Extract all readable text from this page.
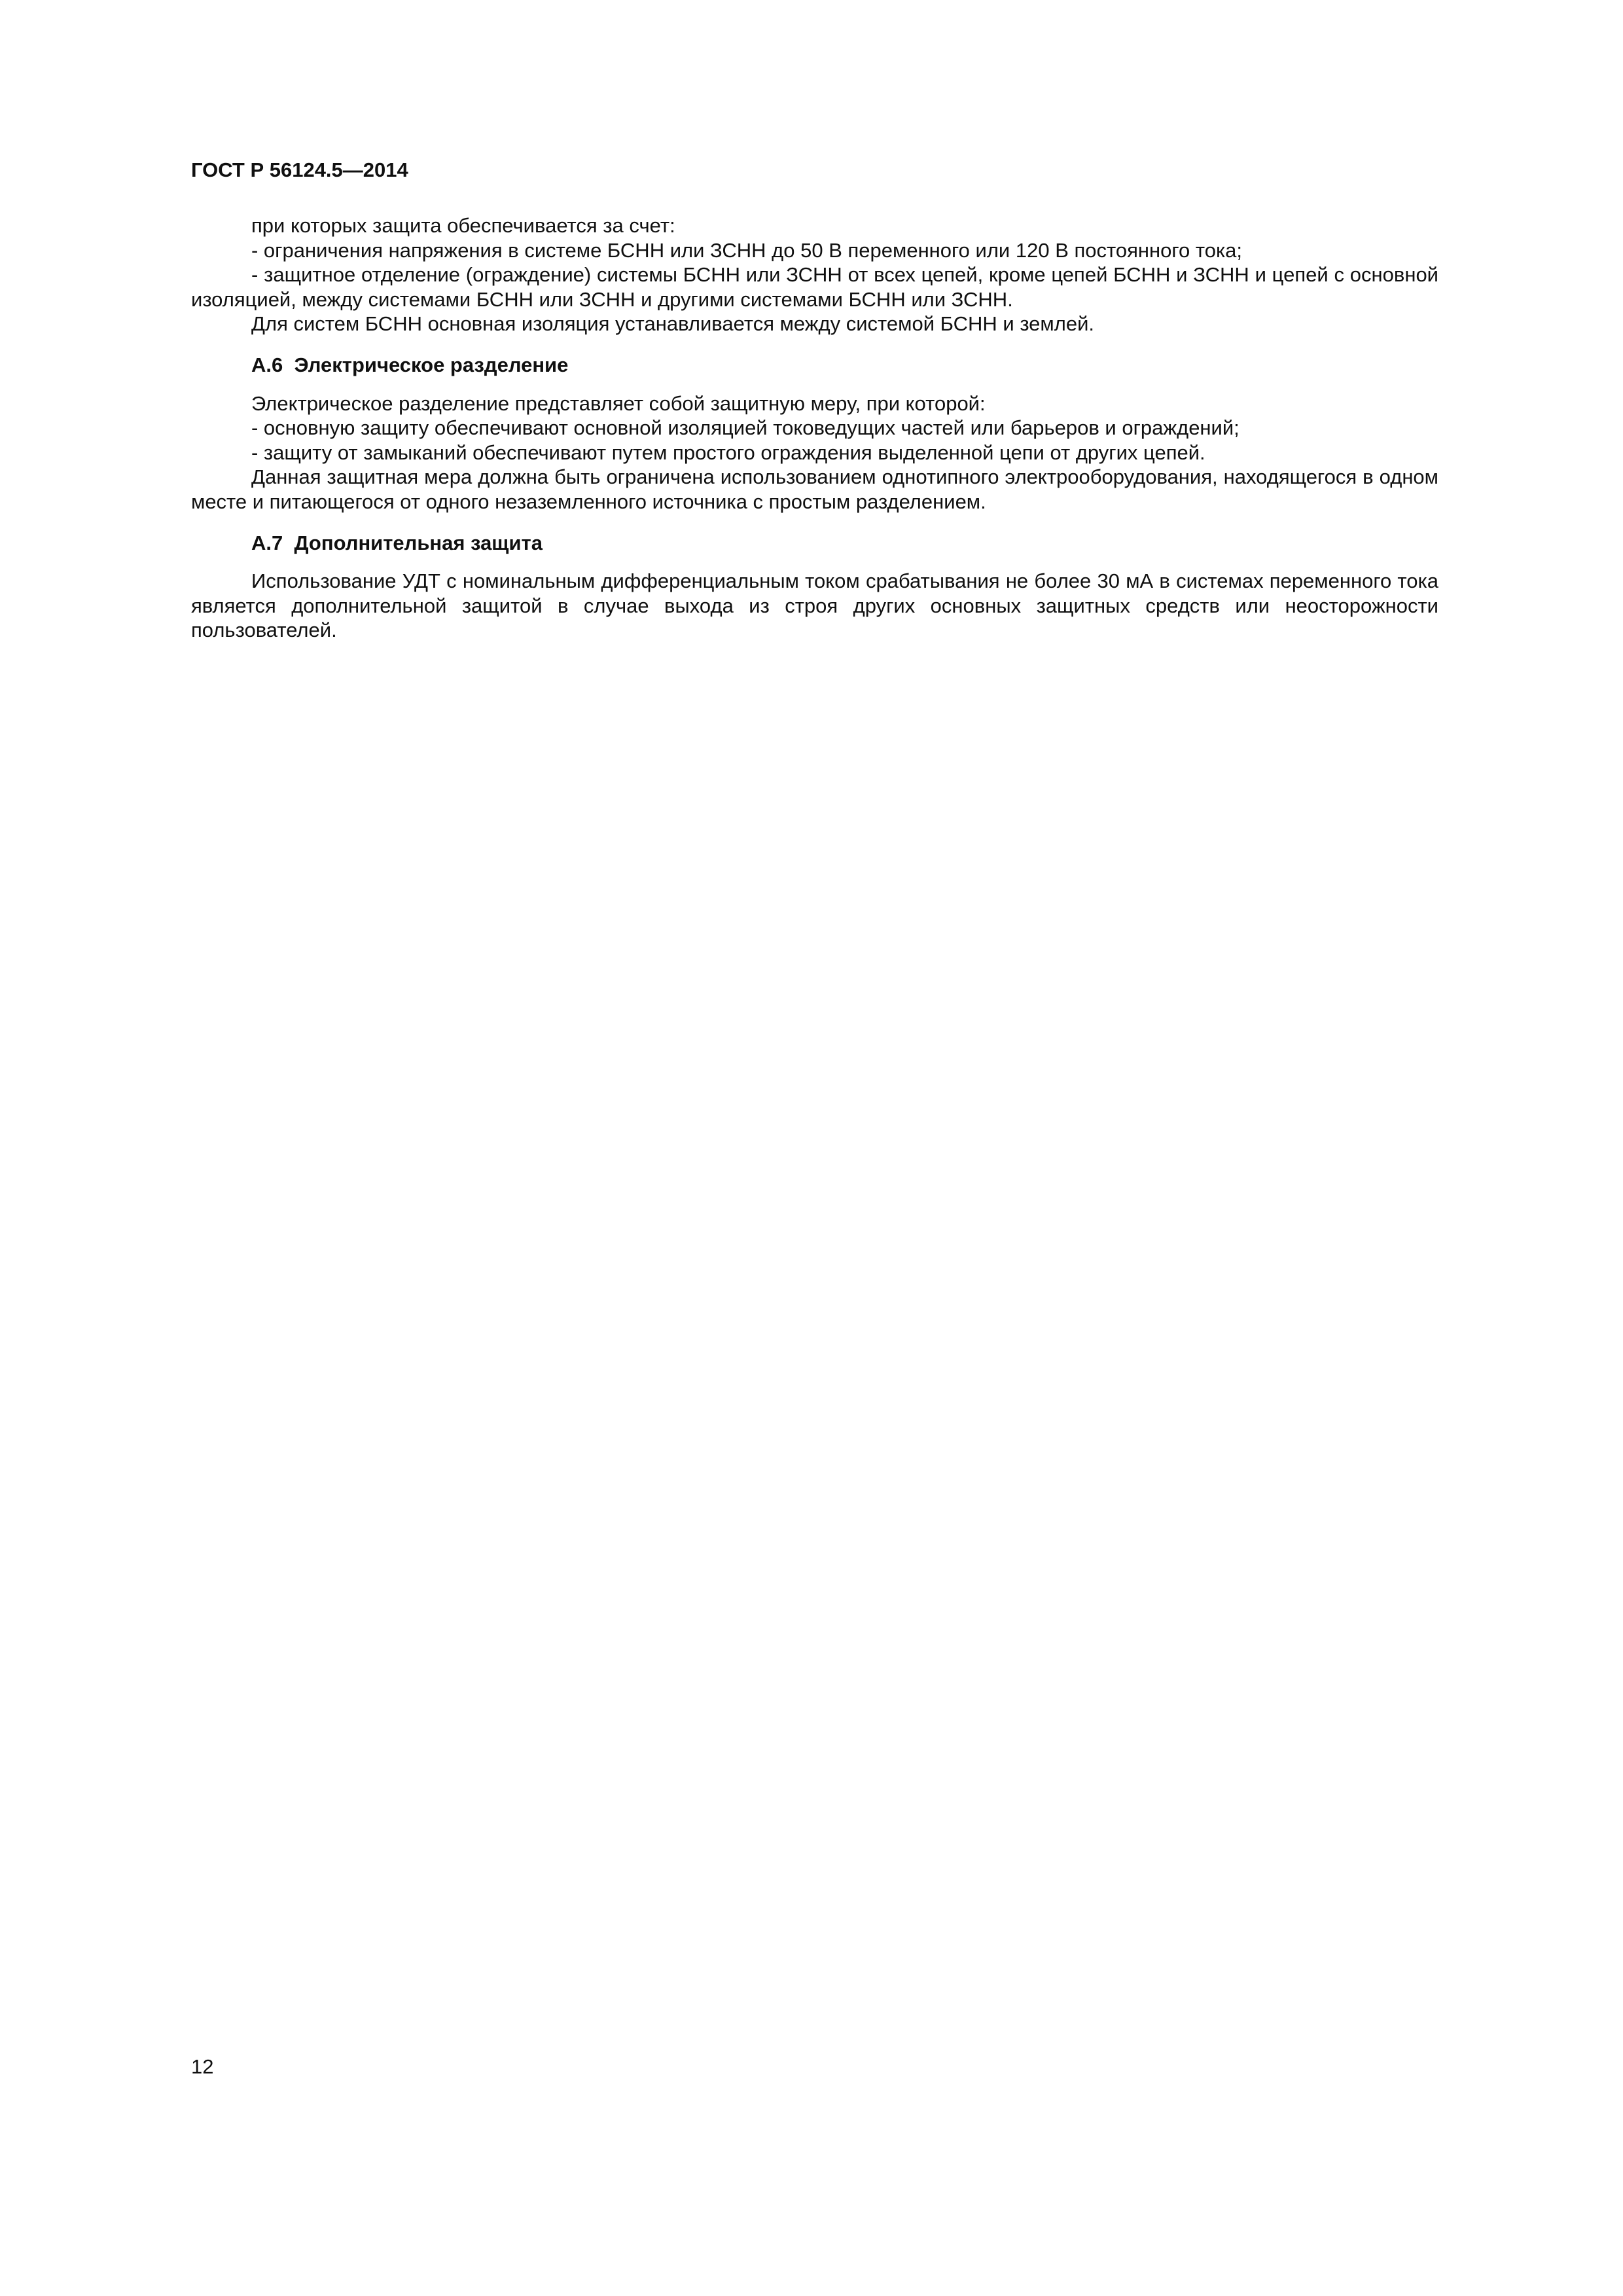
ГОСТ Р 56124.5—2014

при которых защита обеспечивается за счет:

- ограничения напряжения в системе БСНН или ЗСНН до 50 В переменного или 120 В постоянного тока;

- защитное отделение (ограждение) системы БСНН или ЗСНН от всех цепей, кроме цепей БСНН и ЗСНН и цепей с основной изоляцией, между системами БСНН или ЗСНН и другими системами БСНН или ЗСНН.

Для систем БСНН основная изоляция устанавливается между системой БСНН и землей.

А.6  Электрическое разделение

Электрическое разделение представляет собой защитную меру, при которой:

- основную защиту обеспечивают основной изоляцией токоведущих частей или барьеров и ограждений;

- защиту от замыканий обеспечивают путем простого ограждения выделенной цепи от других цепей.

Данная защитная мера должна быть ограничена использованием однотипного электрооборудования, находящегося в одном месте и питающегося от одного незаземленного источника с простым разделением.

А.7  Дополнительная защита

Использование УДТ с номинальным дифференциальным током срабатывания не более 30 мА в системах переменного тока является дополнительной защитой в случае выхода из строя других основных защитных средств или неосторожности пользователей.

12
